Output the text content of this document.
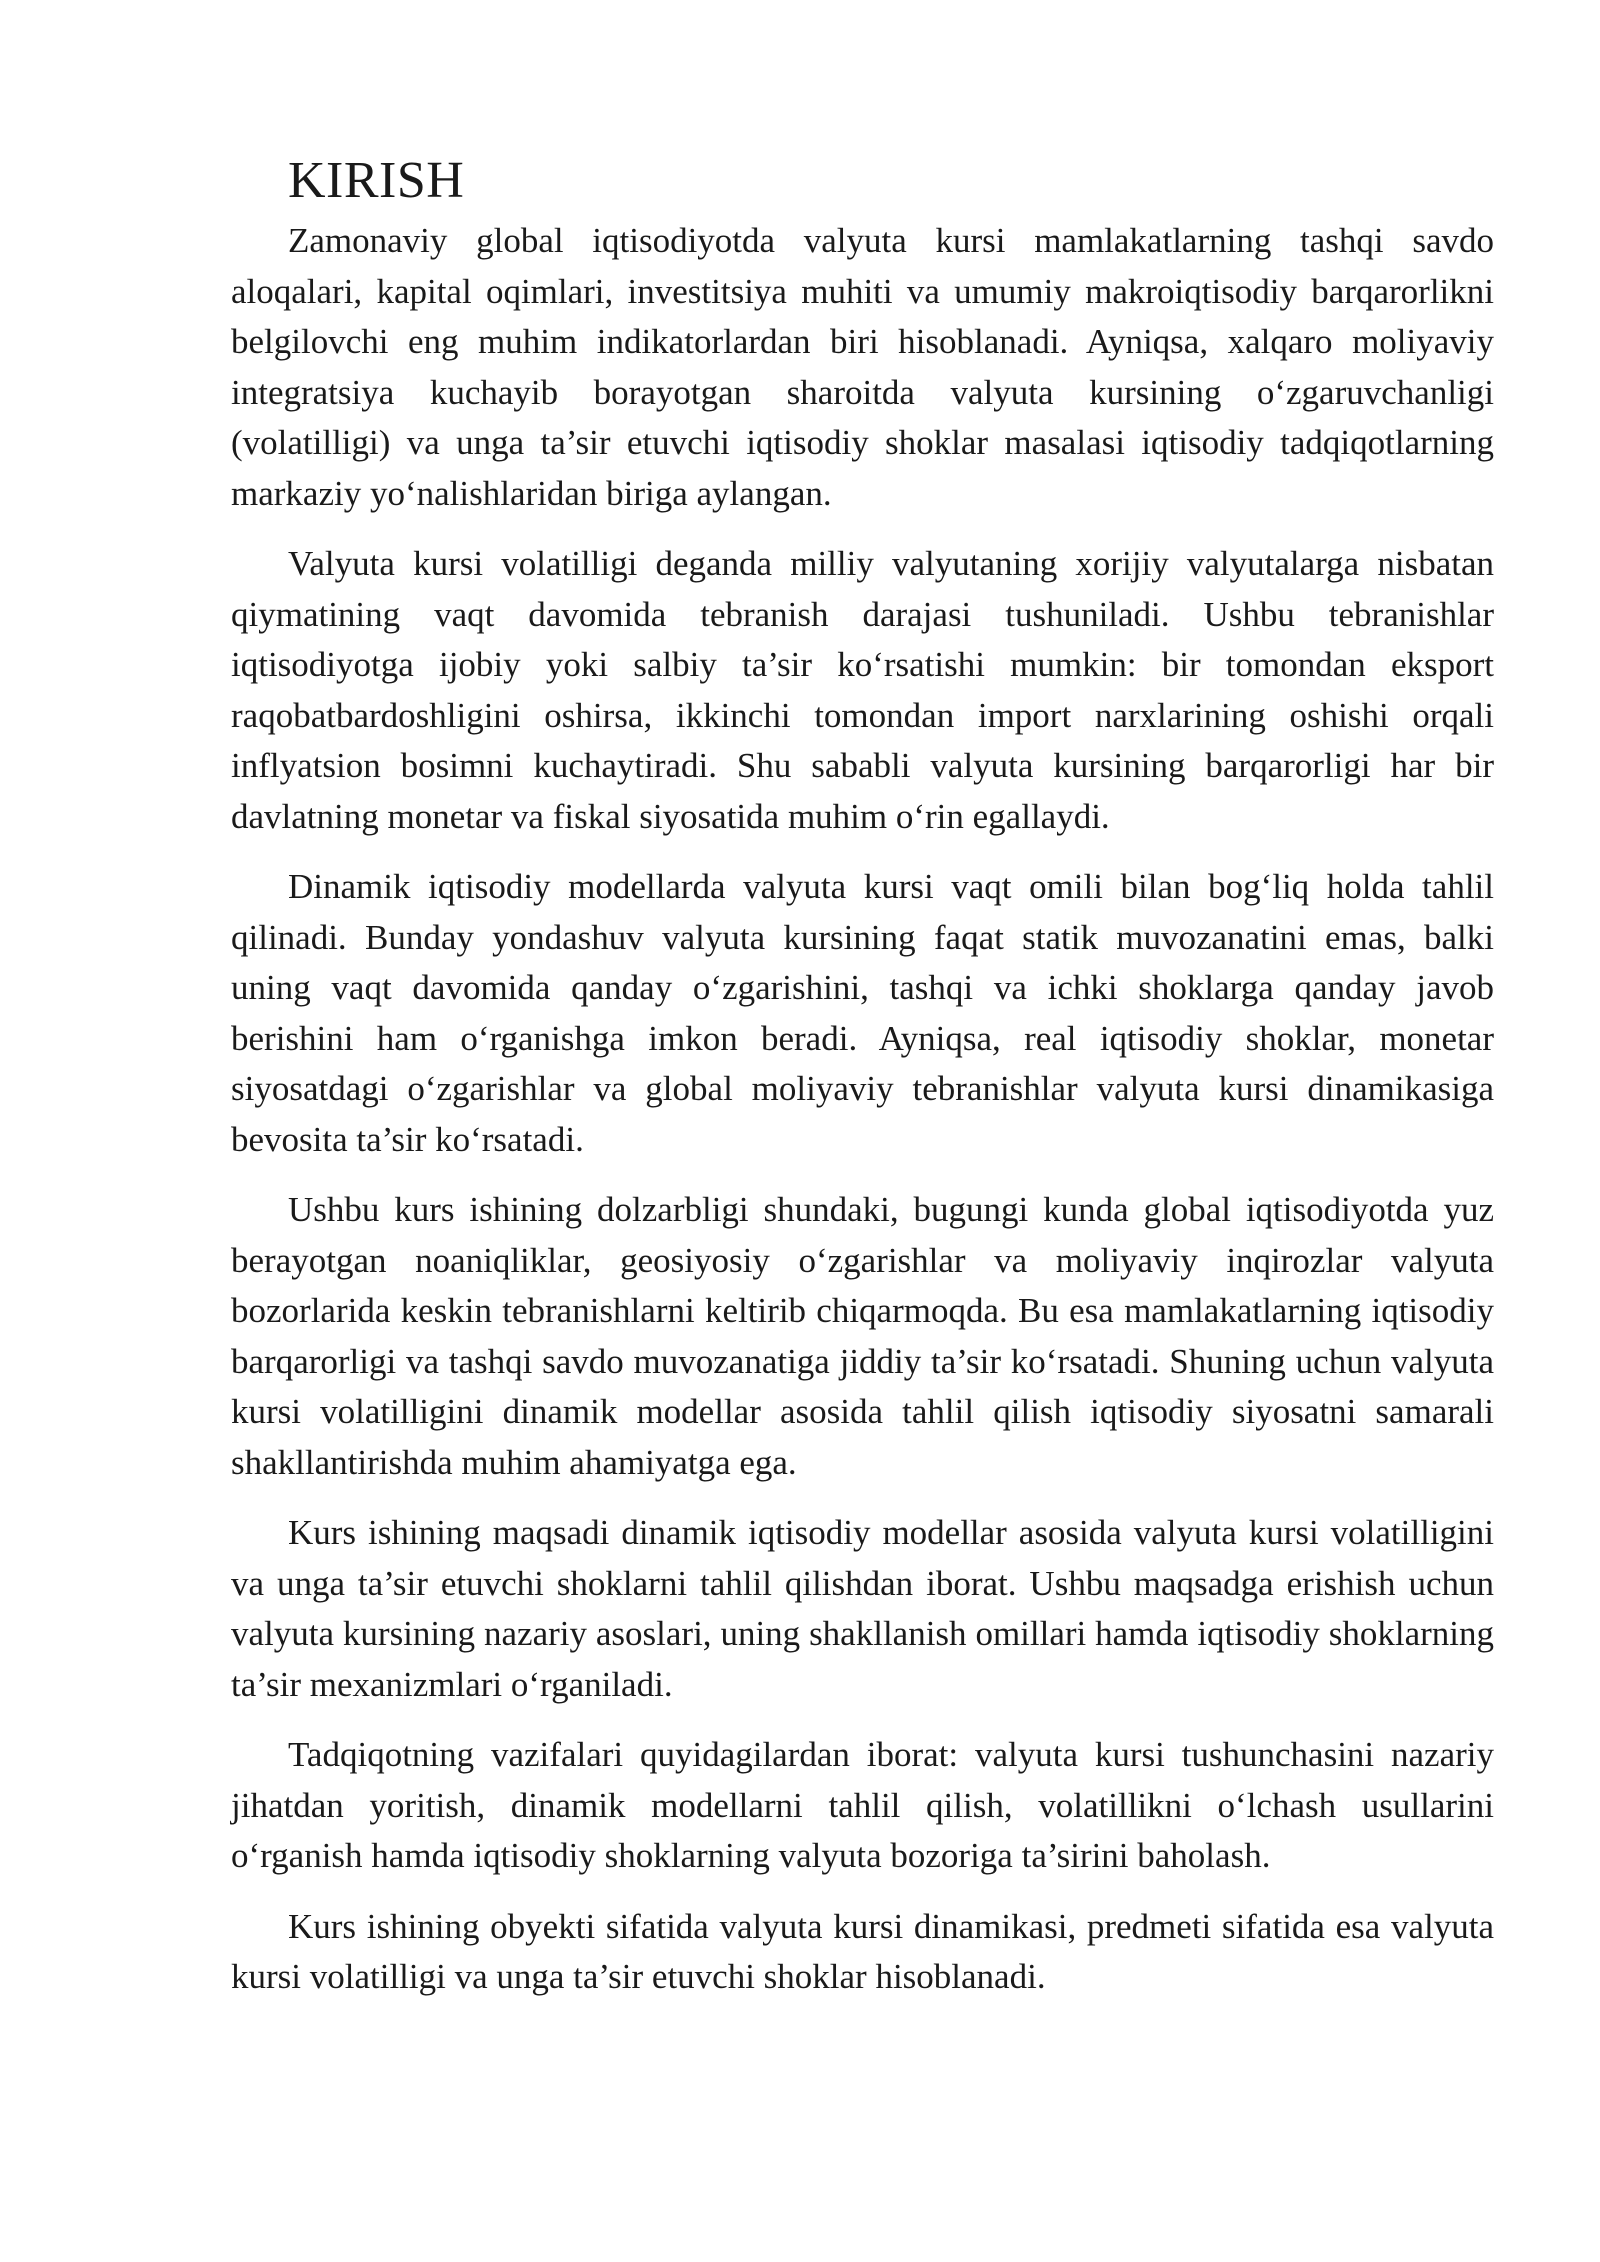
KIRISH

Zamonaviy global iqtisodiyotda valyuta kursi mamlakatlarning tashqi savdo aloqalari, kapital oqimlari, investitsiya muhiti va umumiy makroiqtisodiy barqarorlikni belgilovchi eng muhim indikatorlardan biri hisoblanadi. Ayniqsa, xalqaro moliyaviy integratsiya kuchayib borayotgan sharoitda valyuta kursining o‘zgaruvchanligi (volatilligi) va unga ta’sir etuvchi iqtisodiy shoklar masalasi iqtisodiy tadqiqotlarning markaziy yo‘nalishlaridan biriga aylangan.

Valyuta kursi volatilligi deganda milliy valyutaning xorijiy valyutalarga nisbatan qiymatining vaqt davomida tebranish darajasi tushuniladi. Ushbu tebranishlar iqtisodiyotga ijobiy yoki salbiy ta’sir ko‘rsatishi mumkin: bir tomondan eksport raqobatbardoshligini oshirsa, ikkinchi tomondan import narxlarining oshishi orqali inflyatsion bosimni kuchaytiradi. Shu sababli valyuta kursining barqarorligi har bir davlatning monetar va fiskal siyosatida muhim o‘rin egallaydi.

Dinamik iqtisodiy modellarda valyuta kursi vaqt omili bilan bog‘liq holda tahlil qilinadi. Bunday yondashuv valyuta kursining faqat statik muvozanatini emas, balki uning vaqt davomida qanday o‘zgarishini, tashqi va ichki shoklarga qanday javob berishini ham o‘rganishga imkon beradi. Ayniqsa, real iqtisodiy shoklar, monetar siyosatdagi o‘zgarishlar va global moliyaviy tebranishlar valyuta kursi dinamikasiga bevosita ta’sir ko‘rsatadi.

Ushbu kurs ishining dolzarbligi shundaki, bugungi kunda global iqtisodiyotda yuz berayotgan noaniqliklar, geosiyosiy o‘zgarishlar va moliyaviy inqirozlar valyuta bozorlarida keskin tebranishlarni keltirib chiqarmoqda. Bu esa mamlakatlarning iqtisodiy barqarorligi va tashqi savdo muvozanatiga jiddiy ta’sir ko‘rsatadi. Shuning uchun valyuta kursi volatilligini dinamik modellar asosida tahlil qilish iqtisodiy siyosatni samarali shakllantirishda muhim ahamiyatga ega.

Kurs ishining maqsadi dinamik iqtisodiy modellar asosida valyuta kursi volatilligini va unga ta’sir etuvchi shoklarni tahlil qilishdan iborat. Ushbu maqsadga erishish uchun valyuta kursining nazariy asoslari, uning shakllanish omillari hamda iqtisodiy shoklarning ta’sir mexanizmlari o‘rganiladi.

Tadqiqotning vazifalari quyidagilardan iborat: valyuta kursi tushunchasini nazariy jihatdan yoritish, dinamik modellarni tahlil qilish, volatillikni o‘lchash usullarini o‘rganish hamda iqtisodiy shoklarning valyuta bozoriga ta’sirini baholash.

Kurs ishining obyekti sifatida valyuta kursi dinamikasi, predmeti sifatida esa valyuta kursi volatilligi va unga ta’sir etuvchi shoklar hisoblanadi.
